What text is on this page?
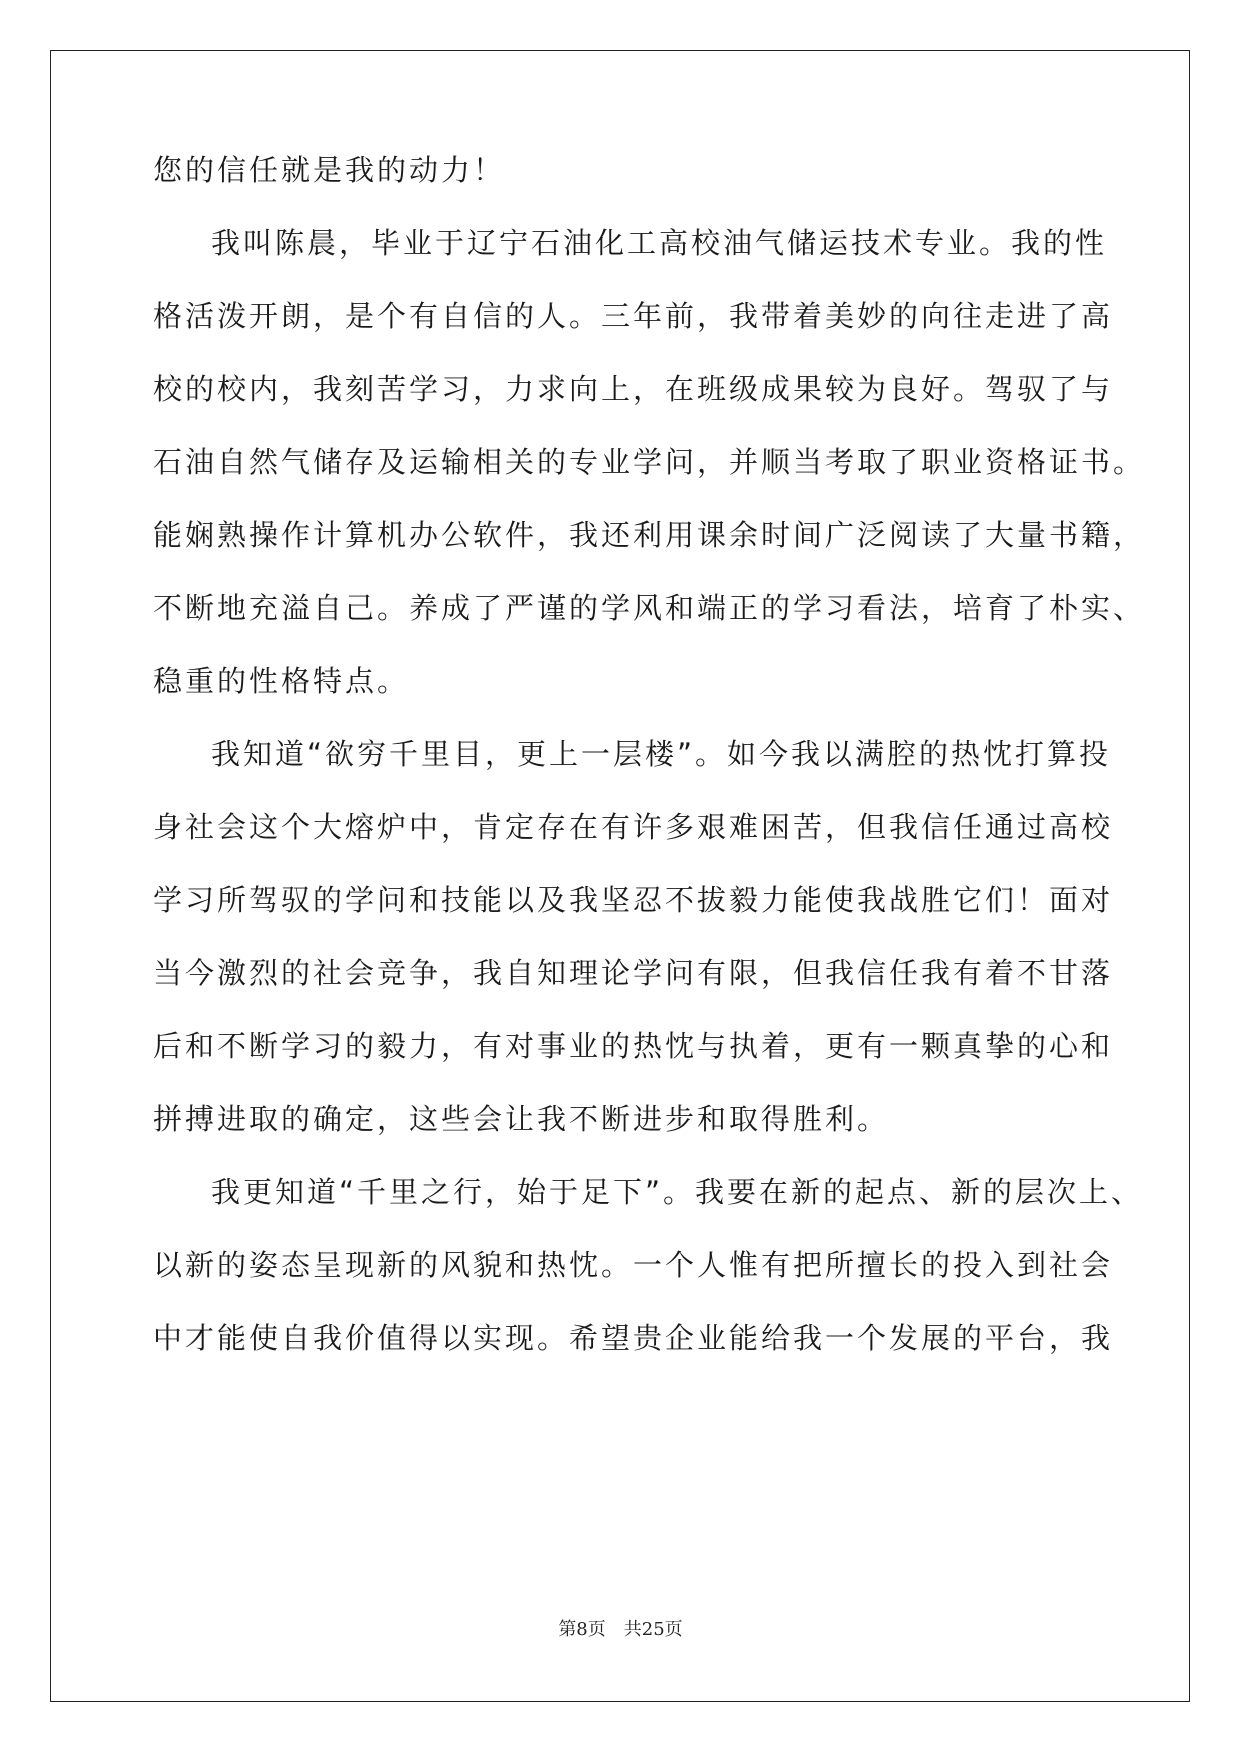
您的信任就是我的动力！
我叫陈晨，毕业于辽宁石油化工高校油气储运技术专业。我的性
格活泼开朗，是个有自信的人。三年前，我带着美妙的向往走进了高
校的校内，我刻苦学习，力求向上，在班级成果较为良好。驾驭了与
石油自然气储存及运输相关的专业学问，并顺当考取了职业资格证书。
能娴熟操作计算机办公软件，我还利用课余时间广泛阅读了大量书籍，
不断地充溢自己。养成了严谨的学风和端正的学习看法，培育了朴实、
稳重的性格特点。
我知道“欲穷千里目，更上一层楼”。如今我以满腔的热忱打算投
身社会这个大熔炉中，肯定存在有许多艰难困苦，但我信任通过高校
学习所驾驭的学问和技能以及我坚忍不拔毅力能使我战胜它们！面对
当今激烈的社会竞争，我自知理论学问有限，但我信任我有着不甘落
后和不断学习的毅力，有对事业的热忱与执着，更有一颗真挚的心和
拼搏进取的确定，这些会让我不断进步和取得胜利。
我更知道“千里之行，始于足下”。我要在新的起点、新的层次上、
以新的姿态呈现新的风貌和热忱。一个人惟有把所擅长的投入到社会
中才能使自我价值得以实现。希望贵企业能给我一个发展的平台，我
第8页 共25页
